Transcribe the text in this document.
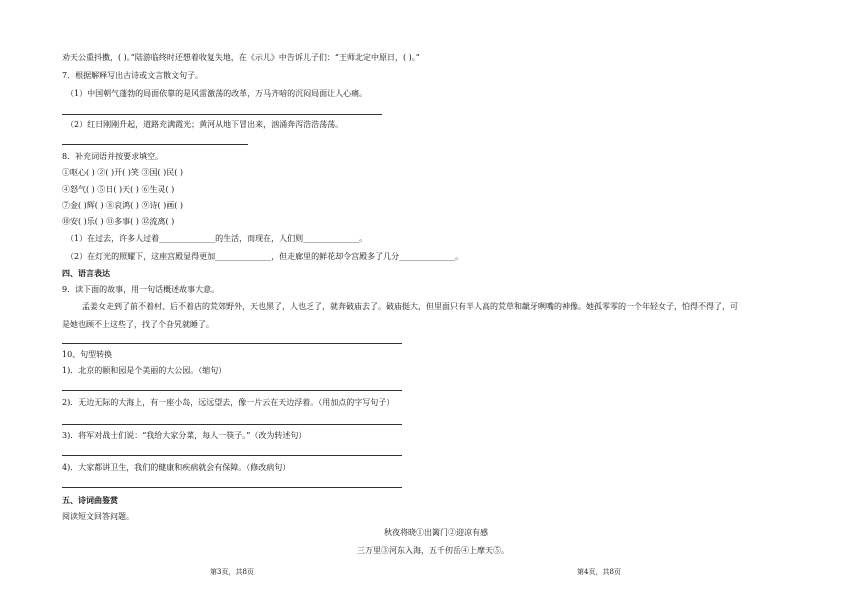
劝天公重抖擞，( )。”陆游临终时还想着收复失地，在《示儿》中告诉儿子们：“王师北定中原日，( )。”
7．根据解释写出古诗或文言散文句子。
（1）中国朝气蓬勃的局面依靠的是风雷激荡的改革，万马齐喑的沉闷局面让人心痛。
（2）红日刚刚升起，道路充满霞光；黄河从地下冒出来，汹涌奔泻浩浩荡荡。
8．补充词语并按要求填空。
①呕心( ) ②( )开( )笑 ③国( )民( )
④怒气( ) ⑤日( )天( ) ⑥生灵( )
⑦金( )辉( ) ⑧哀鸿( ) ⑨诗( )画( )
⑩安( )乐( ) ⑪多事( ) ⑫流离( )
（1）在过去，许多人过着______________的生活，而现在，人们则______________。
（2）在灯光的照耀下，这座宫殿显得更加______________，但走廊里的鲜花却令宫殿多了几分______________。
四、语言表达
9．读下面的故事，用一句话概述故事大意。
孟姜女走到了前不着村、后不着店的荒郊野外，天也黑了，人也乏了，就奔破庙去了。破庙挺大，但里面只有半人高的荒草和龇牙咧嘴的神像。她孤零零的一个年轻女子，怕得不得了，可
是她也顾不上这些了，找了个旮旯就睡了。
10、句型转换
1)．北京的颐和园是个美丽的大公园。（缩句）
2)．无边无际的大海上，有一座小岛，远远望去，像一片云在天边浮着。（用加点的字写句子）
3)．将军对战士们说：“我给大家分菜，每人一筷子。”（改为转述句）
4)．大家都讲卫生，我们的健康和疾病就会有保障。（修改病句）
五、诗词曲鉴赏
阅读短文回答问题。
秋夜将晓①出篱门②迎凉有感
三万里③河东入海，五千仞岳④上摩天⑤。
第3页，共8页	第4页，共8页
